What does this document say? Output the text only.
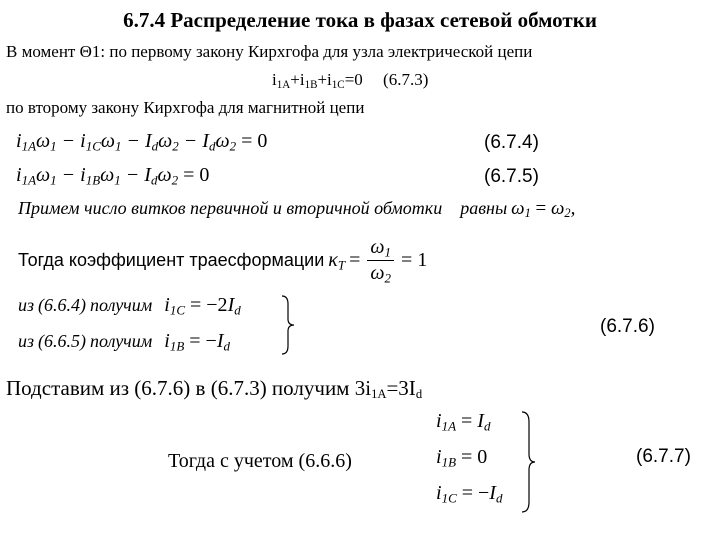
6.7.4 Распределение тока в фазах сетевой обмотки
В момент Θ1: по первому закону Кирхгофа для узла электрической цепи
$i_{1A}+i_{1B}+i_{1C}=0$ (6.7.3)
по второму закону Кирхгофа для магнитной цепи
$i_{1A}\omega_1 - i_{1C}\omega_1 - I_d\omega_2 - I_d\omega_2 = 0$	(6.7.4)
$i_{1A}\omega_1 - i_{1B}\omega_1 - I_d\omega_2 = 0$	(6.7.5)
Примем число витков первичной и вторичной обмотки равны $\omega_1 = \omega_2$,
Тогда коэффициент траесформации $\kappa_T = \frac{\omega_1}{\omega_2} = 1$
из (6.6.4) получим $i_{1C} = -2I_d$
из (6.6.5) получим $i_{1B} = -I_d$
(6.7.6)
Подставим из (6.7.6) в (6.7.3) получим $3i_{1A}=3I_d$
Тогда с учетом (6.6.6)
$i_{1A} = I_d$
$i_{1B} = 0$
$i_{1C} = -I_d$
(6.7.7)
